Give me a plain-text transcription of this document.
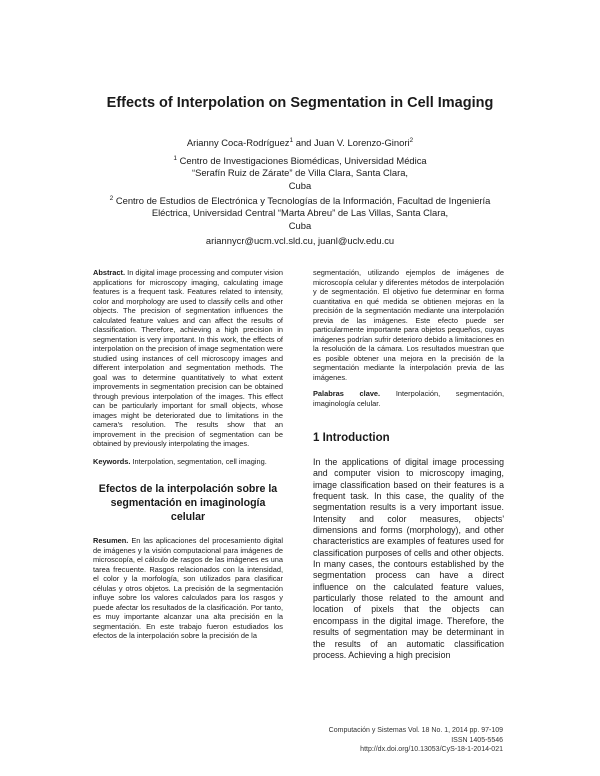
Effects of Interpolation on Segmentation in Cell Imaging
Arianny Coca-Rodríguez$^1$ and Juan V. Lorenzo-Ginori$^2$
$^1$ Centro de Investigaciones Biomédicas, Universidad Médica
“Serafín Ruiz de Zárate” de Villa Clara, Santa Clara,
Cuba
$^2$ Centro de Estudios de Electrónica y Tecnologías de la Información, Facultad de Ingeniería
Eléctrica, Universidad Central “Marta Abreu” de Las Villas, Santa Clara,
Cuba
ariannycr@ucm.vcl.sld.cu, juanl@uclv.edu.cu

Abstract. In digital image processing and computer vision applications for microscopy imaging, calculating image features is a frequent task. Features related to intensity, color and morphology are used to classify cells and other objects. The precision of segmentation influences the calculated feature values and can affect the results of classification. Therefore, achieving a high precision in segmentation is very important. In this work, the effects of interpolation on the precision of image segmentation were studied using instances of cell microscopy images and different interpolation and segmentation methods. The goal was to determine quantitatively to what extent improvements in segmentation precision can be obtained through previous interpolation of the images. This effect can be particularly important for small objects, whose images might be deteriorated due to limitations in the camera's resolution. The results show that an improvement in the precision of segmentation can be obtained by previously interpolating the images.

Keywords. Interpolation, segmentation, cell imaging.

Efectos de la interpolación sobre la
segmentación en imaginología celular

Resumen. En las aplicaciones del procesamiento digital de imágenes y la visión computacional para imágenes de microscopía, el cálculo de rasgos de las imágenes es una tarea frecuente. Rasgos relacionados con la intensidad, el color y la morfología, son utilizados para clasificar células y otros objetos. La precisión de la segmentación influye sobre los valores calculados para los rasgos y puede afectar los resultados de la clasificación. Por tanto, es muy importante alcanzar una alta precisión en la segmentación. En este trabajo fueron estudiados los efectos de la interpolación sobre la precisión de la

segmentación, utilizando ejemplos de imágenes de microscopía celular y diferentes métodos de interpolación y de segmentación. El objetivo fue determinar en forma cuantitativa en qué medida se obtienen mejoras en la precisión de la segmentación mediante una interpolación previa de las imágenes. Este efecto puede ser particularmente importante para objetos pequeños, cuyas imágenes podrían sufrir deterioro debido a limitaciones en la resolución de la cámara. Los resultados muestran que es posible obtener una mejora en la precisión de la segmentación mediante la interpolación previa de las imágenes.

Palabras clave. Interpolación, segmentación, imaginología celular.

1 Introduction

In the applications of digital image processing and computer vision to microscopy imaging, image classification based on their features is a frequent task. In this case, the quality of the segmentation results is a very important issue. Intensity and color measures, objects' dimensions and forms (morphology), and other characteristics are examples of features used for classification purposes of cells and other objects. In many cases, the contours established by the segmentation process can have a direct influence on the calculated feature values, particularly those related to the amount and location of pixels that the objects can encompass in the digital image. Therefore, the results of segmentation may be determinant in the results of an automatic classification process. Achieving a high precision

Computación y Sistemas Vol. 18 No. 1, 2014 pp. 97-109
ISSN 1405-5546
http://dx.doi.org/10.13053/CyS-18-1-2014-021
